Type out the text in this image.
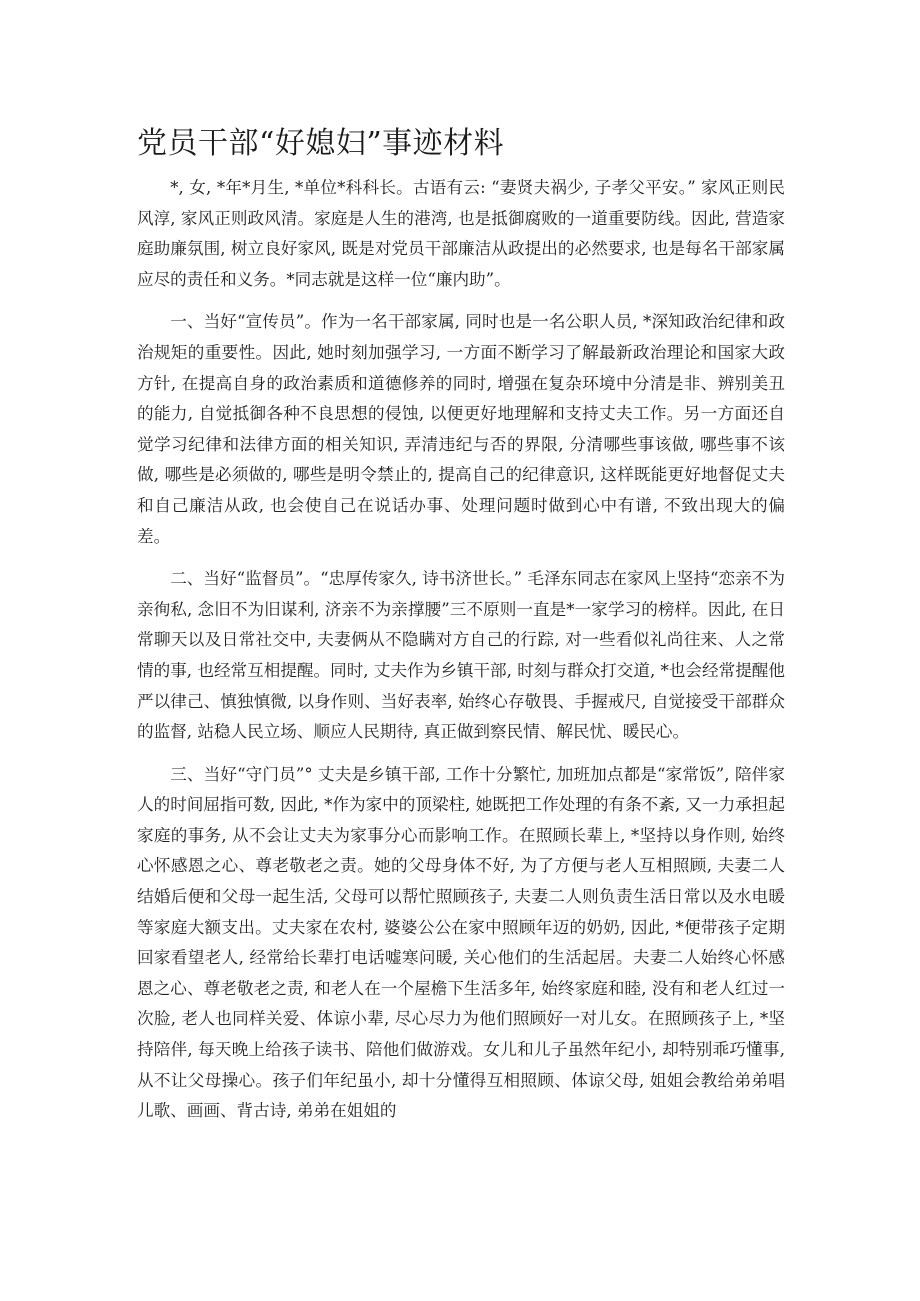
党员干部“好媳妇”事迹材料

*, 女, *年*月生, *单位*科科长。古语有云: “妻贤夫祸少, 子孝父平安。” 家风正则民风淳, 家风正则政风清。家庭是人生的港湾, 也是抵御腐败的一道重要防线。因此, 营造家庭助廉氛围, 树立良好家风, 既是对党员干部廉洁从政提出的必然要求, 也是每名干部家属应尽的责任和义务。*同志就是这样一位“廉内助”。

一、当好“宣传员”。作为一名干部家属, 同时也是一名公职人员, *深知政治纪律和政治规矩的重要性。因此, 她时刻加强学习, 一方面不断学习了解最新政治理论和国家大政方针, 在提高自身的政治素质和道德修养的同时, 增强在复杂环境中分清是非、辨别美丑的能力, 自觉抵御各种不良思想的侵蚀, 以便更好地理解和支持丈夫工作。另一方面还自觉学习纪律和法律方面的相关知识, 弄清违纪与否的界限, 分清哪些事该做, 哪些事不该做, 哪些是必须做的, 哪些是明令禁止的, 提高自己的纪律意识, 这样既能更好地督促丈夫和自己廉洁从政, 也会使自己在说话办事、处理问题时做到心中有谱, 不致出现大的偏差。

二、当好“监督员”。“忠厚传家久, 诗书济世长。” 毛泽东同志在家风上坚持“恋亲不为亲徇私, 念旧不为旧谋利, 济亲不为亲撑腰”三不原则一直是*一家学习的榜样。因此, 在日常聊天以及日常社交中, 夫妻俩从不隐瞒对方自己的行踪, 对一些看似礼尚往来、人之常情的事, 也经常互相提醒。同时, 丈夫作为乡镇干部, 时刻与群众打交道, *也会经常提醒他严以律己、慎独慎微, 以身作则、当好表率, 始终心存敬畏、手握戒尺, 自觉接受干部群众的监督, 站稳人民立场、顺应人民期待, 真正做到察民情、解民忧、暖民心。

三、当好“守门员”° 丈夫是乡镇干部, 工作十分繁忙, 加班加点都是“家常饭”, 陪伴家人的时间屈指可数, 因此, *作为家中的顶梁柱, 她既把工作处理的有条不紊, 又一力承担起家庭的事务, 从不会让丈夫为家事分心而影响工作。在照顾长辈上, *坚持以身作则, 始终心怀感恩之心、尊老敬老之责。她的父母身体不好, 为了方便与老人互相照顾, 夫妻二人结婚后便和父母一起生活, 父母可以帮忙照顾孩子, 夫妻二人则负责生活日常以及水电暖等家庭大额支出。丈夫家在农村, 婆婆公公在家中照顾年迈的奶奶, 因此, *便带孩子定期回家看望老人, 经常给长辈打电话嘘寒问暖, 关心他们的生活起居。夫妻二人始终心怀感恩之心、尊老敬老之责, 和老人在一个屋檐下生活多年, 始终家庭和睦, 没有和老人红过一次脸, 老人也同样关爱、体谅小辈, 尽心尽力为他们照顾好一对儿女。在照顾孩子上, *坚持陪伴, 每天晚上给孩子读书、陪他们做游戏。女儿和儿子虽然年纪小, 却特别乖巧懂事, 从不让父母操心。孩子们年纪虽小, 却十分懂得互相照顾、体谅父母, 姐姐会教给弟弟唱儿歌、画画、背古诗, 弟弟在姐姐的
